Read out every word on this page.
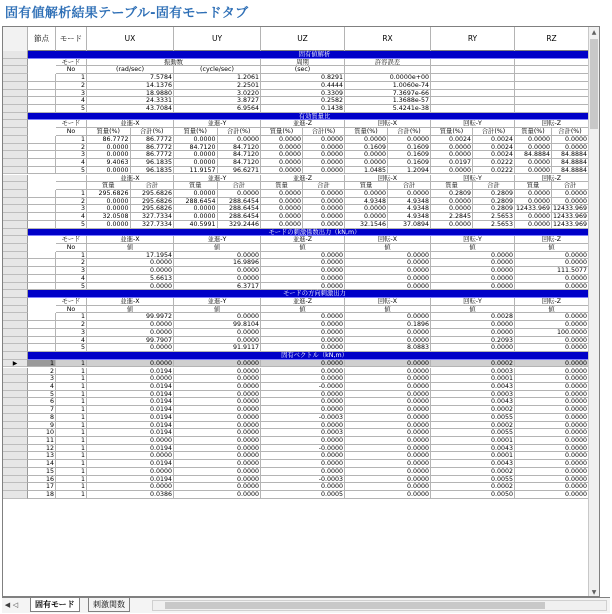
固有値解析結果テーブル-固有モードタブ
節点	モード	UX	UY	UZ	RX	RY	RZ
固有値解析
モード	振動数	周期	許容誤差
No	(rad/sec)	(cycle/sec)	(sec)
1	7.5784	1.2061	0.8291	0.0000e+00
2	14.1376	2.2501	0.4444	1.0060e-74
3	18.9880	3.0220	0.3309	7.3697e-66
4	24.3331	3.8727	0.2582	1.3688e-57
5	43.7084	6.9564	0.1438	5.4241e-38
有効質量比
モード	並進-X	並進-Y	並進-Z	回転-X	回転-Y	回転-Z
No	質量(%)	合計(%)	質量(%)	合計(%)	質量(%)	合計(%)	質量(%)	合計(%)	質量(%)	合計(%)	質量(%)	合計(%)
1	86.7772	86.7772	0.0000	0.0000	0.0000	0.0000	0.0000	0.0000	0.0024	0.0024	0.0000	0.0000
2	0.0000	86.7772	84.7120	84.7120	0.0000	0.0000	0.1609	0.1609	0.0000	0.0024	0.0000	0.0000
3	0.0000	86.7772	0.0000	84.7120	0.0000	0.0000	0.0000	0.1609	0.0000	0.0024	84.8884	84.8884
4	9.4063	96.1835	0.0000	84.7120	0.0000	0.0000	0.0000	0.1609	0.0197	0.0222	0.0000	84.8884
5	0.0000	96.1835	11.9157	96.6271	0.0000	0.0000	1.0485	1.2094	0.0000	0.0222	0.0000	84.8884
並進-X	並進-Y	並進-Z	回転-X	回転-Y	回転-Z
質量	合計	質量	合計	質量	合計	質量	合計	質量	合計	質量	合計
1	295.6826	295.6826	0.0000	0.0000	0.0000	0.0000	0.0000	0.0000	0.2809	0.2809	0.0000	0.0000
2	0.0000	295.6826	288.6454	288.6454	0.0000	0.0000	4.9348	4.9348	0.0000	0.2809	0.0000	0.0000
3	0.0000	295.6826	0.0000	288.6454	0.0000	0.0000	0.0000	4.9348	0.0000	0.2809 12433.969 12433.969
4	32.0508	327.7334	0.0000	288.6454	0.0000	0.0000	0.0000	4.9348	2.2845	2.5653	0.0000 12433.969
5	0.0000	327.7334	40.5991	329.2446	0.0000	0.0000	32.1546	37.0894	0.0000	2.5653	0.0000 12433.969
モードの刺激係数出力（kN,m）
モード	並進-X	並進-Y	並進-Z	回転-X	回転-Y	回転-Z
No	値	値	値	値	値	値
1	17.1954	0.0000	0.0000	0.0000	0.0000	0.0000
2	0.0000	16.9896	0.0000	0.0000	0.0000	0.0000
3	0.0000	0.0000	0.0000	0.0000	0.0000	111.5077
4	5.6613	0.0000	0.0000	0.0000	0.0000	0.0000
5	0.0000	6.3717	0.0000	0.0000	0.0000	0.0000
モードの方向刺激出力
モード	並進-X	並進-Y	並進-Z	回転-X	回転-Y	回転-Z
No	値	値	値	値	値	値
1	99.9972	0.0000	0.0000	0.0000	0.0028	0.0000
2	0.0000	99.8104	0.0000	0.1896	0.0000	0.0000
3	0.0000	0.0000	0.0000	0.0000	0.0000	100.0000
4	99.7907	0.0000	0.0000	0.0000	0.2093	0.0000
5	0.0000	91.9117	0.0000	8.0883	0.0000	0.0000
固有ベクトル（kN,m）
▶	1	1	0.0000	0.0000	0.0000	0.0000	0.0002	0.0000
2	1	0.0194	0.0000	0.0000	0.0000	0.0003	0.0000
3	1	0.0000	0.0000	0.0000	0.0000	0.0001	0.0000
4	1	0.0194	0.0000	-0.0000	0.0000	0.0043	0.0000
5	1	0.0194	0.0000	0.0000	0.0000	0.0003	0.0000
6	1	0.0194	0.0000	0.0000	0.0000	0.0043	0.0000
7	1	0.0194	0.0000	0.0000	0.0000	0.0002	0.0000
8	1	0.0194	0.0000	-0.0003	0.0000	0.0055	0.0000
9	1	0.0194	0.0000	0.0000	0.0000	0.0002	0.0000
10	1	0.0194	0.0000	0.0003	0.0000	0.0055	0.0000
11	1	0.0000	0.0000	0.0000	0.0000	0.0001	0.0000
12	1	0.0194	0.0000	-0.0000	0.0000	0.0043	0.0000
13	1	0.0000	0.0000	0.0000	0.0000	0.0001	0.0000
14	1	0.0194	0.0000	0.0000	0.0000	0.0043	0.0000
15	1	0.0000	0.0000	0.0000	0.0000	0.0002	0.0000
16	1	0.0194	0.0000	-0.0003	0.0000	0.0055	0.0000
17	1	0.0000	0.0000	0.0000	0.0000	0.0002	0.0000
18	1	0.0386	0.0000	0.0005	0.0000	0.0050	0.0000
▲
▼
◀ ◁	固有モード	刺激関数
